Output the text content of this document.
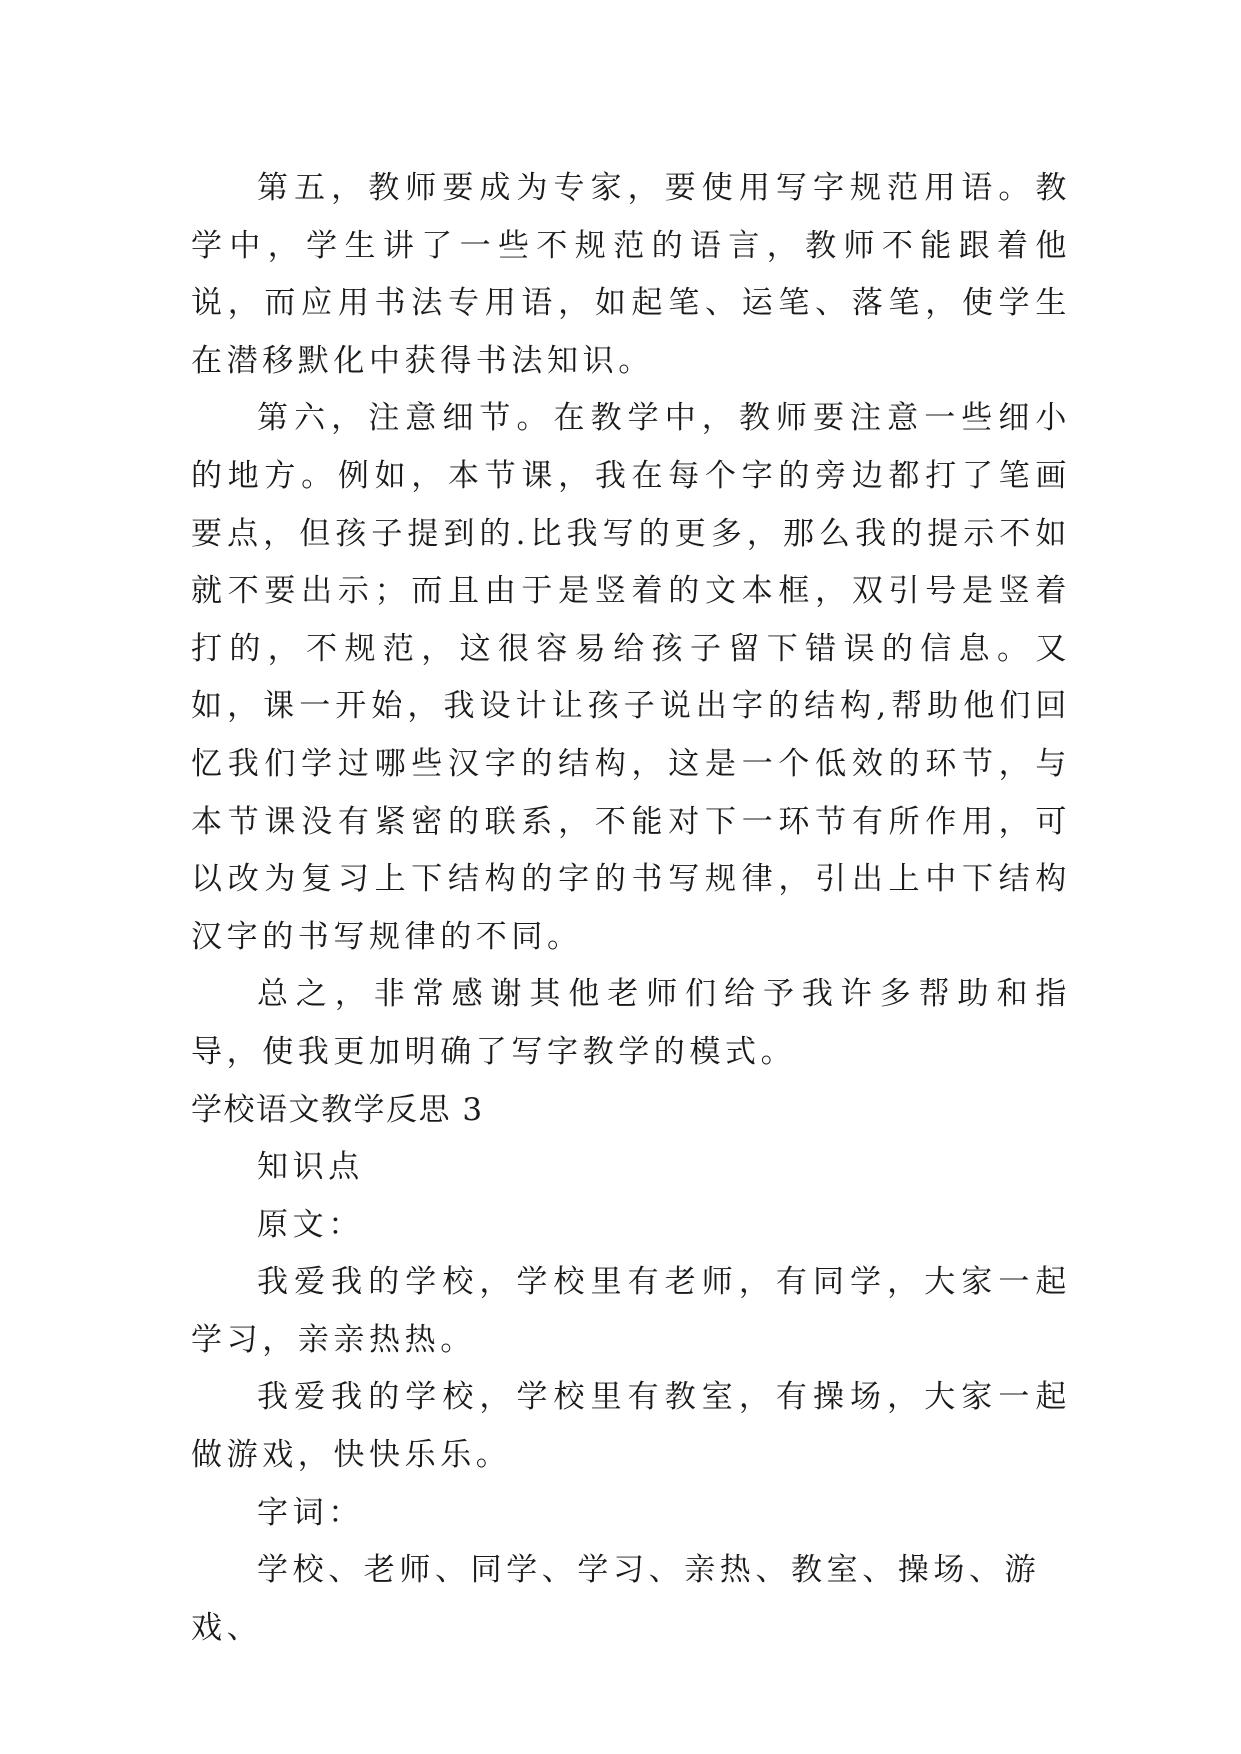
第五，教师要成为专家，要使用写字规范用语。教学中，学生讲了一些不规范的语言，教师不能跟着他说，而应用书法专用语，如起笔、运笔、落笔，使学生在潜移默化中获得书法知识。

第六，注意细节。在教学中，教师要注意一些细小的地方。例如，本节课，我在每个字的旁边都打了笔画要点，但孩子提到的.比我写的更多，那么我的提示不如就不要出示；而且由于是竖着的文本框，双引号是竖着打的，不规范，这很容易给孩子留下错误的信息。又如，课一开始，我设计让孩子说出字的结构,帮助他们回忆我们学过哪些汉字的结构，这是一个低效的环节，与本节课没有紧密的联系，不能对下一环节有所作用，可以改为复习上下结构的字的书写规律，引出上中下结构汉字的书写规律的不同。

总之，非常感谢其他老师们给予我许多帮助和指导，使我更加明确了写字教学的模式。

学校语文教学反思 3

知识点

原文：

我爱我的学校，学校里有老师，有同学，大家一起学习，亲亲热热。

我爱我的学校，学校里有教室，有操场，大家一起做游戏，快快乐乐。

字词：

学校、老师、同学、学习、亲热、教室、操场、游戏、
